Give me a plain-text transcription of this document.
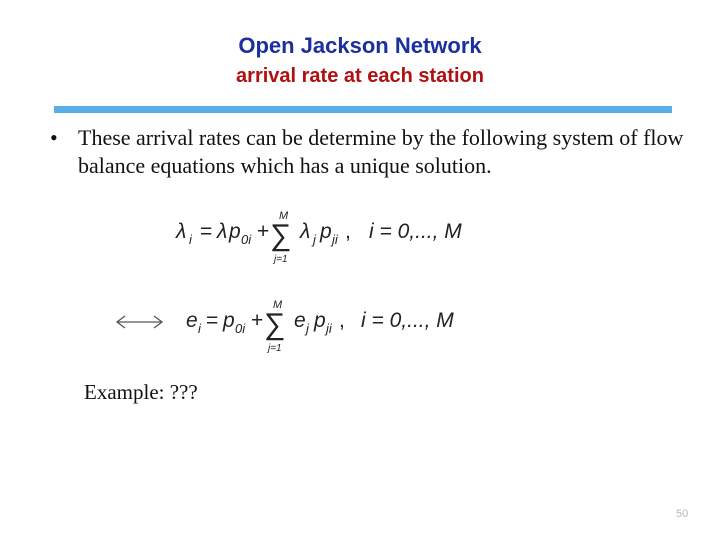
Open Jackson Network
arrival rate at each station
• These arrival rates can be determine by the following system of flow balance equations which has a unique solution.
λ i = λ p 0i +
M
∑
j=1
λ j p ji , i = 0,..., M
e i = p 0i +
M
∑
j=1
e j p ji , i = 0,..., M
Example: ???
50
